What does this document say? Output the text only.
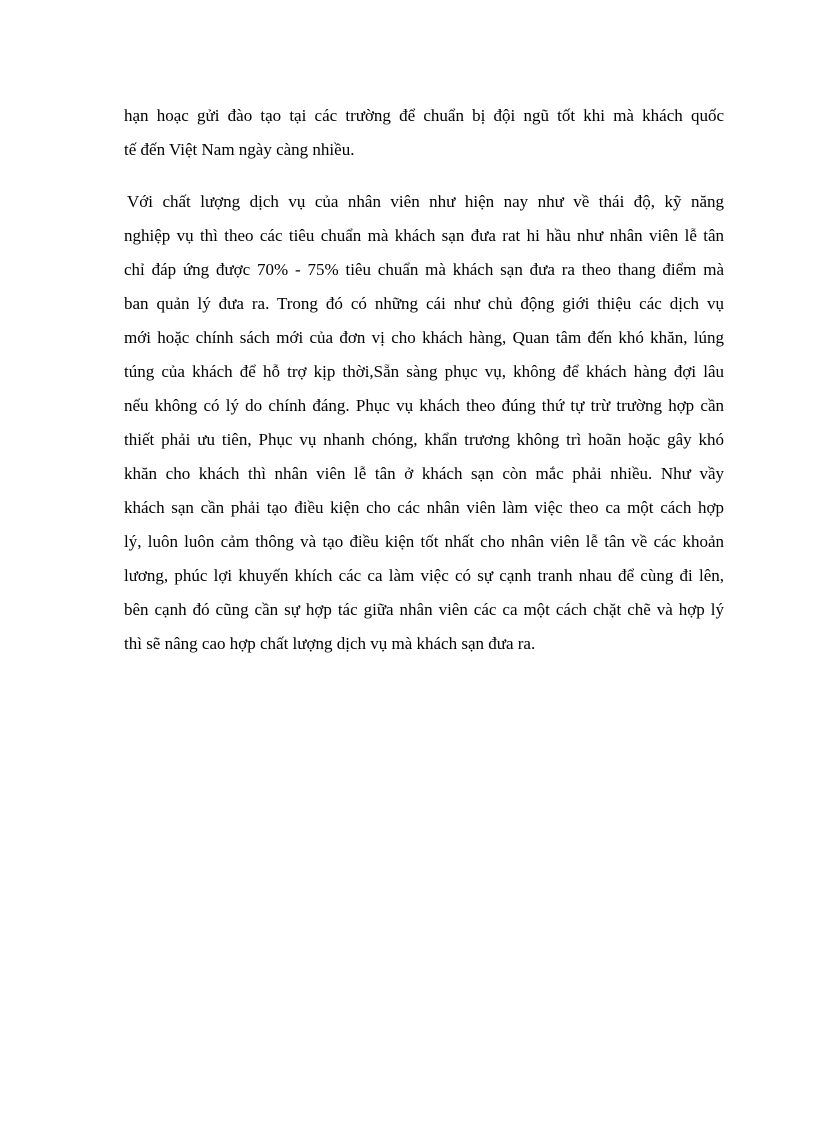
hạn hoạc gửi đào tạo tại các trường để chuẩn bị đội ngũ tốt khi mà khách quốc
tế đến Việt Nam ngày càng nhiều.
Với chất lượng dịch vụ của nhân viên như hiện nay như về thái độ, kỹ năng
nghiệp vụ thì theo các tiêu chuẩn mà khách sạn đưa rat hi hầu như nhân viên lễ tân
chỉ đáp ứng được 70% - 75% tiêu chuẩn mà khách sạn đưa ra theo thang điểm mà
ban quản lý đưa ra. Trong đó có những cái như chủ động giới thiệu các dịch vụ
mới hoặc chính sách mới của đơn vị cho khách hàng, Quan tâm đến khó khăn, lúng
túng của khách để hỗ trợ kịp thời,Sẵn sàng phục vụ, không để khách hàng đợi lâu
nếu không có lý do chính đáng. Phục vụ khách theo đúng thứ tự trừ trường hợp cần
thiết phải ưu tiên, Phục vụ nhanh chóng, khẩn trương không trì hoãn hoặc gây khó
khăn cho khách thì nhân viên lễ tân ở khách sạn còn mắc phải nhiều. Như vầy
khách sạn cần phải tạo điều kiện cho các nhân viên làm việc theo ca một cách hợp
lý, luôn luôn cảm thông và tạo điều kiện tốt nhất cho nhân viên lễ tân về các khoản
lương, phúc lợi khuyến khích các ca làm việc có sự cạnh tranh nhau để cùng đi lên,
bên cạnh đó cũng cần sự hợp tác giữa nhân viên các ca một cách chặt chẽ và hợp lý
thì sẽ nâng cao hợp chất lượng dịch vụ mà khách sạn đưa ra.
